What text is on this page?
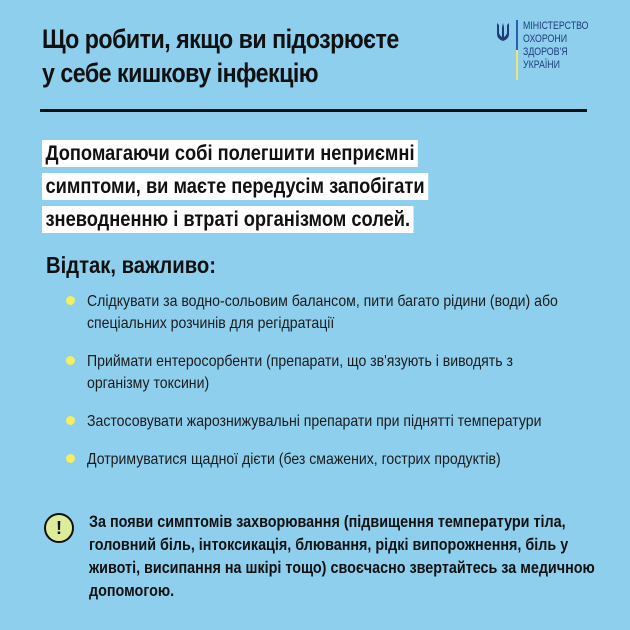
Що робити, якщо ви підозрюєте
у себе кишкову інфекцію
МІНІСТЕРСТВО
ОХОРОНИ
ЗДОРОВ'Я
УКРАЇНИ
Допомагаючи собі полегшити неприємні
симптоми, ви маєте передусім запобігати
зневодненню і втраті організмом солей.
Відтак, важливо:
Слідкувати за водно-сольовим балансом, пити багато рідини (води) або спеціальних розчинів для регідратації
Приймати ентеросорбенти (препарати, що зв'язують і виводять з організму токсини)
Застосовувати жарознижувальні препарати при піднятті температури
Дотримуватися щадної дієти (без смажених, гострих продуктів)
!	За появи симптомів захворювання (підвищення температури тіла, головний біль, інтоксикація, блювання, рідкі випорожнення, біль у животі, висипання на шкірі тощо) своєчасно звертайтесь за медичною допомогою.
